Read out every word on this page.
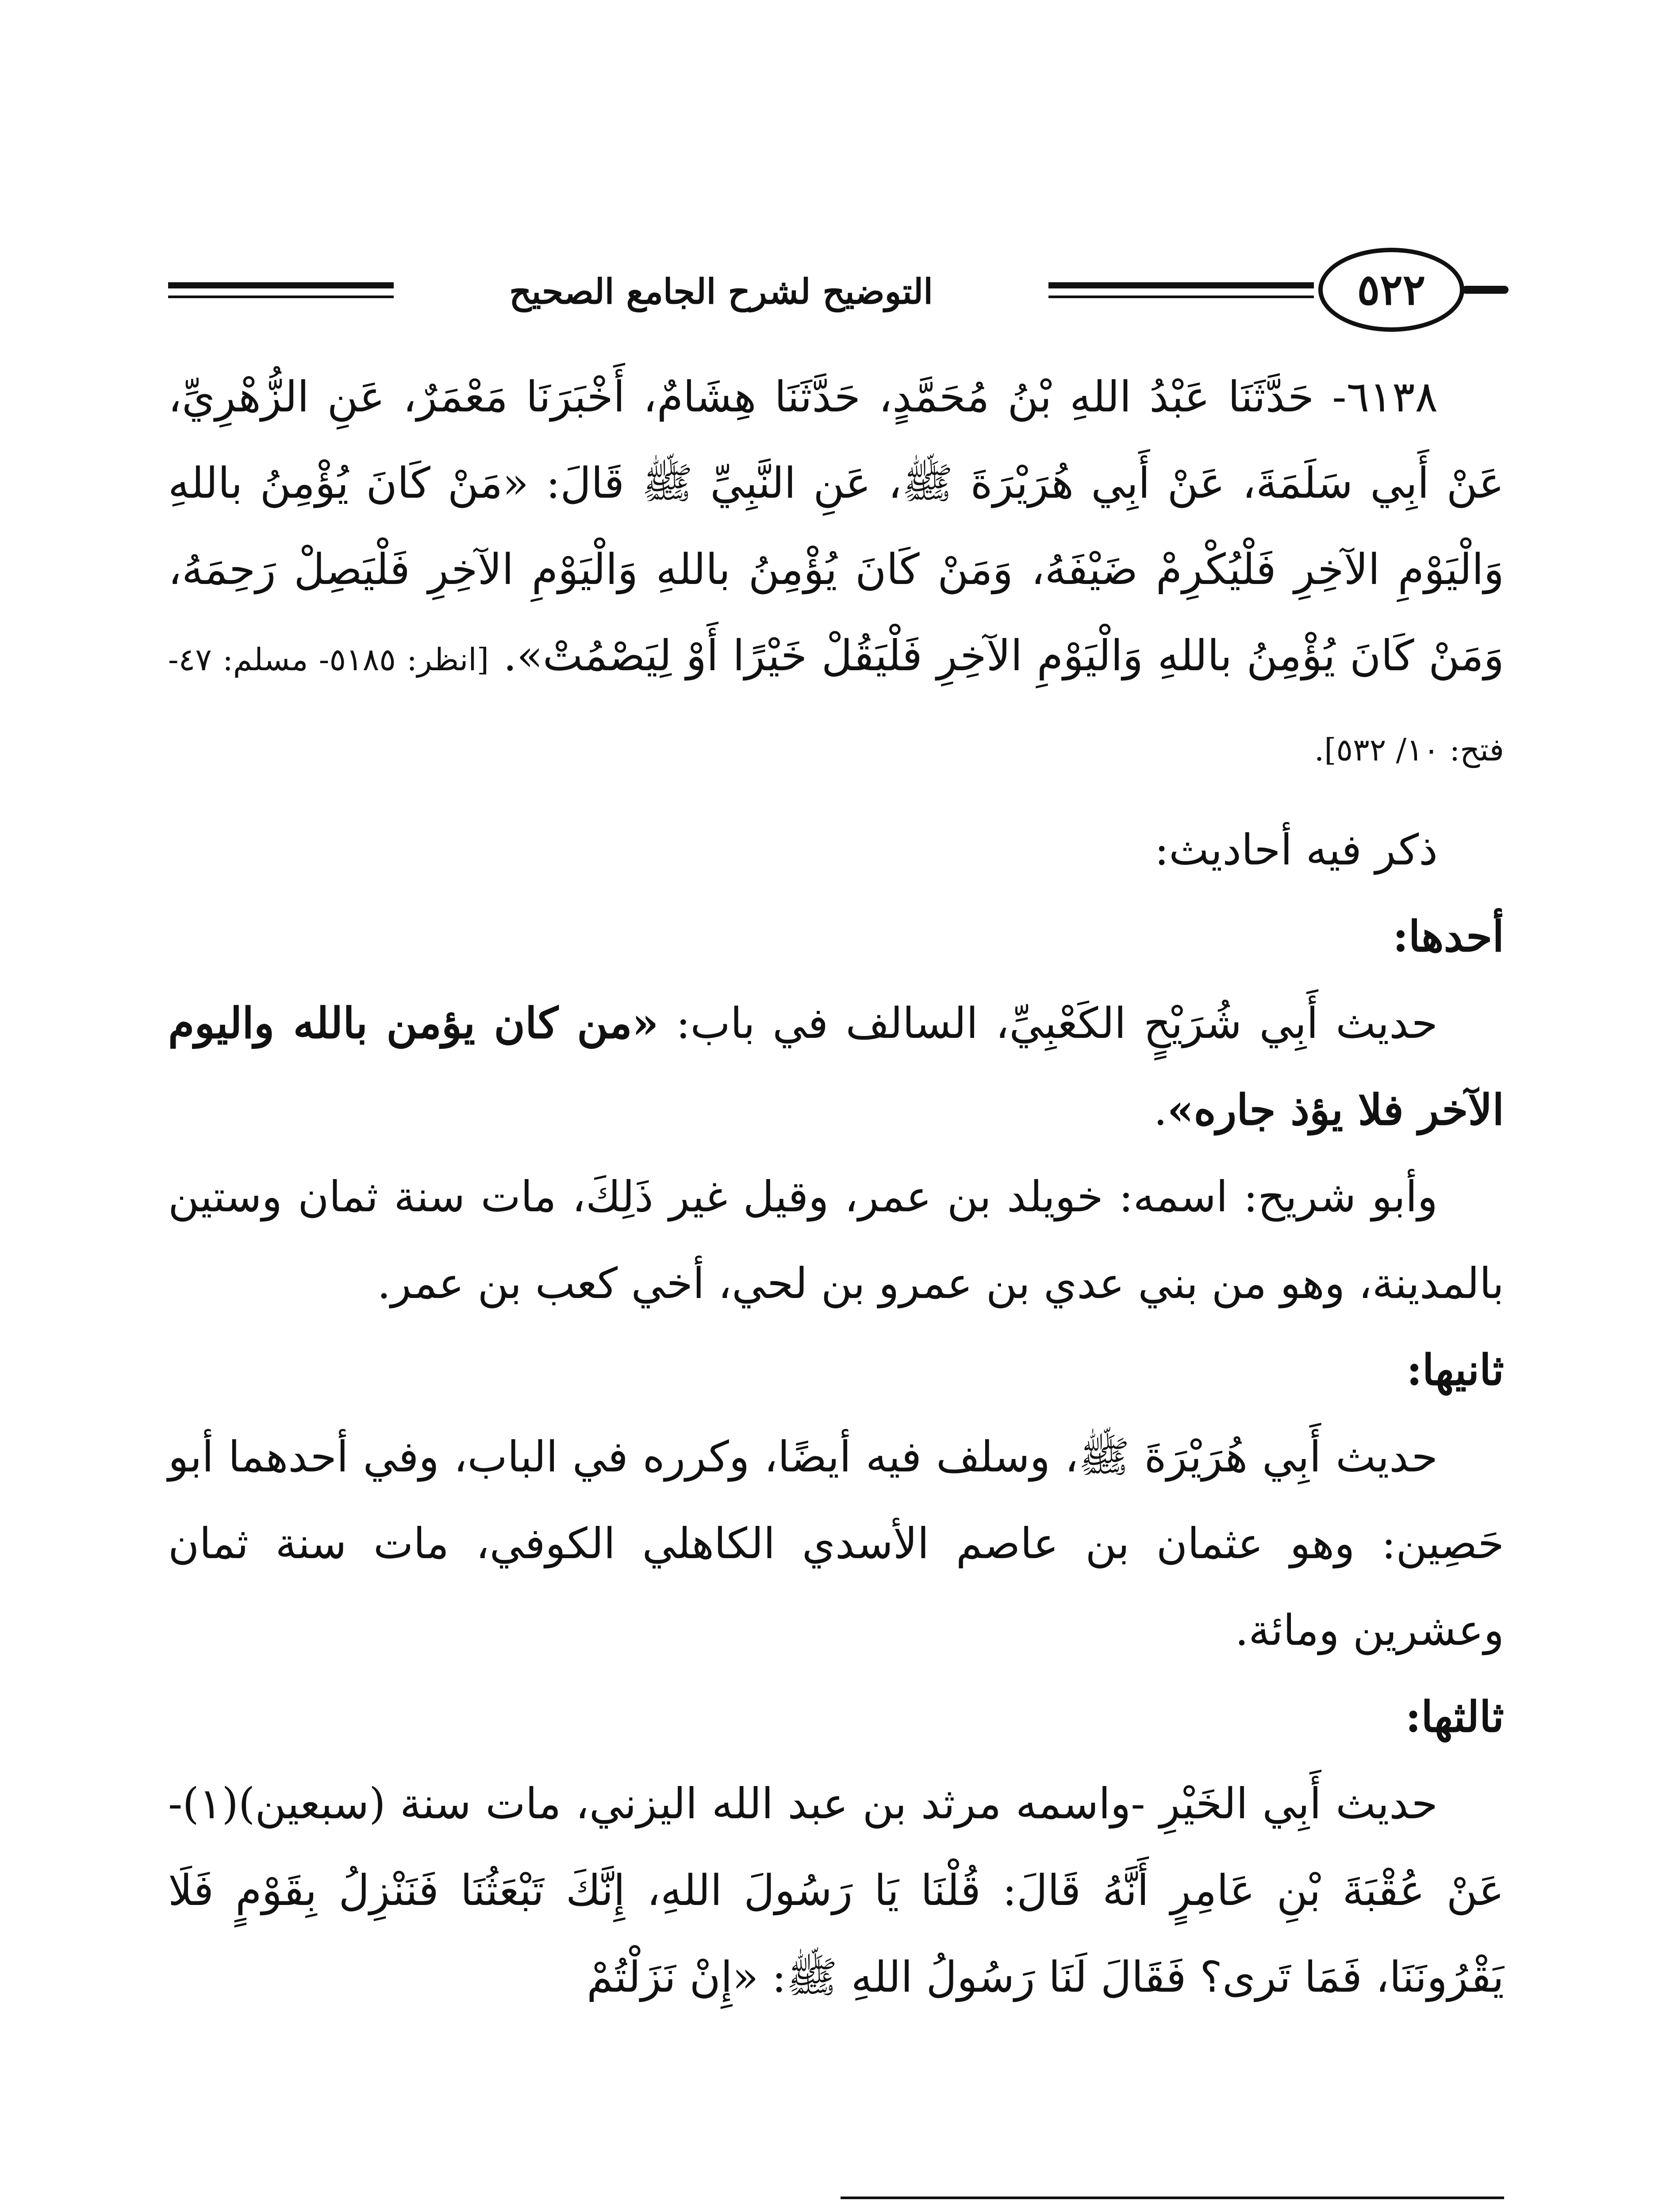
التوضيح لشرح الجامع الصحيح	٥٢٢

٦١٣٨- حَدَّثَنَا عَبْدُ اللهِ بْنُ مُحَمَّدٍ، حَدَّثَنَا هِشَامٌ، أَخْبَرَنَا مَعْمَرٌ، عَنِ الزُّهْرِيِّ، عَنْ أَبِي سَلَمَةَ، عَنْ أَبِي هُرَيْرَةَ ﷺ، عَنِ النَّبِيِّ ﷺ قَالَ: «مَنْ كَانَ يُؤْمِنُ باللهِ وَالْيَوْمِ الآخِرِ فَلْيُكْرِمْ ضَيْفَهُ، وَمَنْ كَانَ يُؤْمِنُ باللهِ وَالْيَوْمِ الآخِرِ فَلْيَصِلْ رَحِمَهُ، وَمَنْ كَانَ يُؤْمِنُ باللهِ وَالْيَوْمِ الآخِرِ فَلْيَقُلْ خَيْرًا أَوْ لِيَصْمُتْ». [انظر: ٥١٨٥- مسلم: ٤٧- فتح: ١٠/ ٥٣٢].

ذكر فيه أحاديث:

أحدها:

حديث أَبِي شُرَيْحٍ الكَعْبِيِّ، السالف في باب: «من كان يؤمن بالله واليوم الآخر فلا يؤذ جاره».

وأبو شريح: اسمه: خويلد بن عمر، وقيل غير ذَلِكَ، مات سنة ثمان وستين بالمدينة، وهو من بني عدي بن عمرو بن لحي، أخي كعب بن عمر.

ثانيها:

حديث أَبِي هُرَيْرَةَ ﷺ، وسلف فيه أيضًا، وكرره في الباب، وفي أحدهما أبو حَصِين: وهو عثمان بن عاصم الأسدي الكاهلي الكوفي، مات سنة ثمان وعشرين ومائة.

ثالثها:

حديث أَبِي الخَيْرِ -واسمه مرثد بن عبد الله اليزني، مات سنة (سبعين)(١)- عَنْ عُقْبَةَ بْنِ عَامِرٍ أَنَّهُ قَالَ: قُلْنَا يَا رَسُولَ اللهِ، إِنَّكَ تَبْعَثُنَا فَنَنْزِلُ بِقَوْمٍ فَلَا يَقْرُونَنَا، فَمَا تَرى؟ فَقَالَ لَنَا رَسُولُ اللهِ ﷺ: «إِنْ نَزَلْتُمْ
